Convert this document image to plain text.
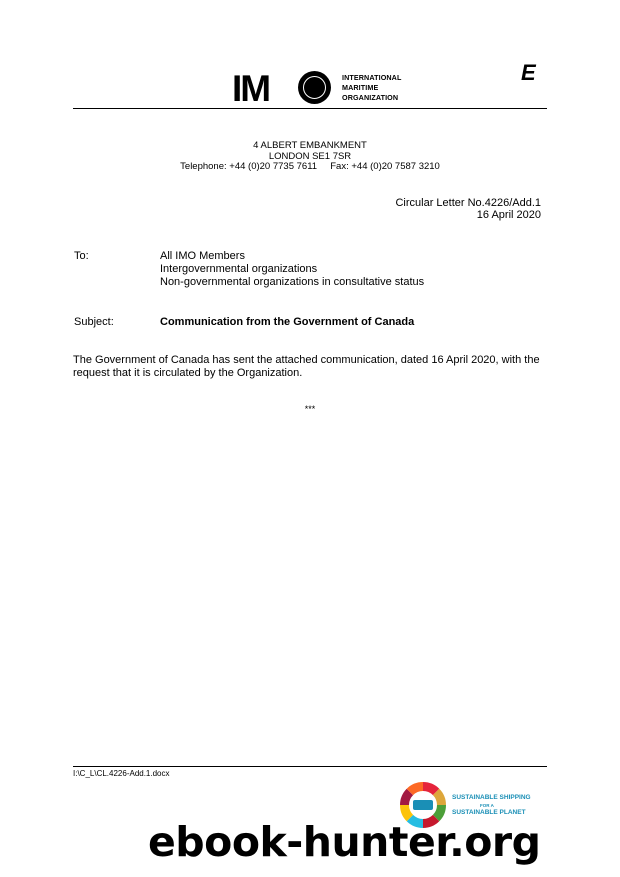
IM	INTERNATIONAL
MARITIME
ORGANIZATION
E
4 ALBERT EMBANKMENT
LONDON SE1 7SR
Telephone: +44 (0)20 7735 7611     Fax: +44 (0)20 7587 3210
Circular Letter No.4226/Add.1
16 April 2020
To:	All IMO Members
Intergovernmental organizations
Non-governmental organizations in consultative status
Subject:	Communication from the Government of Canada
The Government of Canada has sent the attached communication, dated 16 April 2020, with the request that it is circulated by the Organization.
***
I:\C_L\CL.4226-Add.1.docx
SUSTAINABLE SHIPPING
FOR A
SUSTAINABLE PLANET
ebook-hunter.org
